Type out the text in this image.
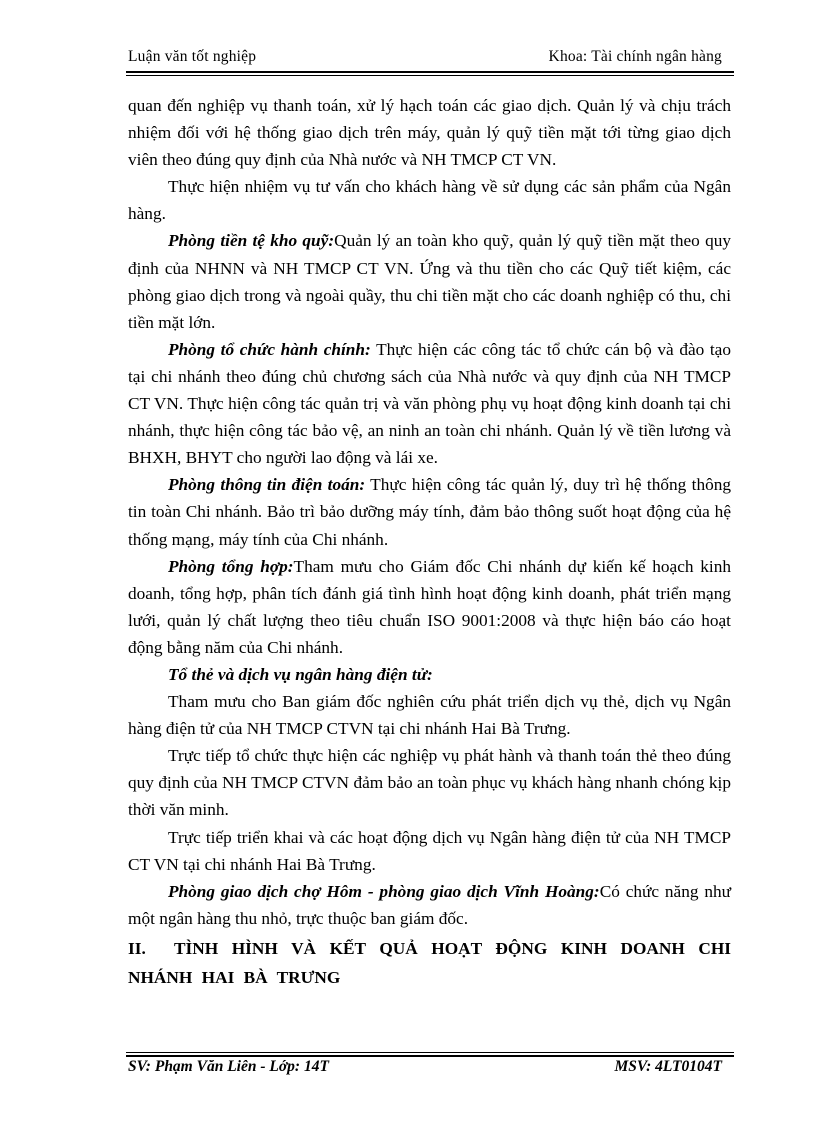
Luận văn tốt nghiệp	Khoa: Tài chính ngân hàng

quan đến nghiệp vụ thanh toán, xử lý hạch toán các giao dịch. Quản lý và chịu trách nhiệm đối với hệ thống giao dịch trên máy, quản lý quỹ tiền mặt tới từng giao dịch viên theo đúng quy định của Nhà nước và NH TMCP CT VN.

Thực hiện nhiệm vụ tư vấn cho khách hàng về sử dụng các sản phẩm của Ngân hàng.

Phòng tiền tệ kho quỹ:Quản lý an toàn kho quỹ, quản lý quỹ tiền mặt theo quy định của NHNN và NH TMCP CT VN. Ứng và thu tiền cho các Quỹ tiết kiệm, các phòng giao dịch trong và ngoài quầy, thu chi tiền mặt cho các doanh nghiệp có thu, chi tiền mặt lớn.

Phòng tổ chức hành chính: Thực hiện các công tác tổ chức cán bộ và đào tạo tại chi nhánh theo đúng chủ chương sách của Nhà nước và quy định của NH TMCP CT VN. Thực hiện công tác quản trị và văn phòng phụ vụ hoạt động kinh doanh tại chi nhánh, thực hiện công tác bảo vệ, an ninh an toàn chi nhánh. Quản lý về tiền lương và BHXH, BHYT cho người lao động và lái xe.

Phòng thông tin điện toán: Thực hiện công tác quản lý, duy trì hệ thống thông tin toàn Chi nhánh. Bảo trì bảo dưỡng máy tính, đảm bảo thông suốt hoạt động của hệ thống mạng, máy tính của Chi nhánh.

Phòng tổng hợp:Tham mưu cho Giám đốc Chi nhánh dự kiến kế hoạch kinh doanh, tổng hợp, phân tích đánh giá tình hình hoạt động kinh doanh, phát triển mạng lưới, quản lý chất lượng theo tiêu chuẩn ISO 9001:2008 và thực hiện báo cáo hoạt động bằng năm của Chi nhánh.

Tổ thẻ và dịch vụ ngân hàng điện tử:

Tham mưu cho Ban giám đốc nghiên cứu phát triển dịch vụ thẻ, dịch vụ Ngân hàng điện tử của NH TMCP CTVN tại chi nhánh Hai Bà Trưng.

Trực tiếp tổ chức thực hiện các nghiệp vụ phát hành và thanh toán thẻ theo đúng quy định của NH TMCP CTVN đảm bảo an toàn phục vụ khách hàng nhanh chóng kịp thời văn minh.

Trực tiếp triển khai và các hoạt động dịch vụ Ngân hàng điện tử của NH TMCP CT VN tại chi nhánh Hai Bà Trưng.

Phòng giao dịch chợ Hôm - phòng giao dịch Vĩnh Hoàng:Có chức năng như một ngân hàng thu nhỏ, trực thuộc ban giám đốc.

II. TÌNH HÌNH VÀ KẾT QUẢ HOẠT ĐỘNG KINH DOANH CHI NHÁNH HAI BÀ TRƯNG

SV: Phạm Văn Liên - Lớp: 14T	MSV: 4LT0104T
